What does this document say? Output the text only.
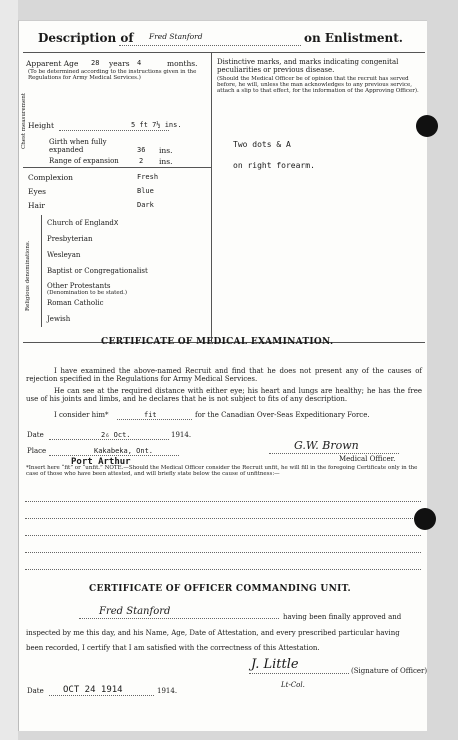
Description of Fred Stanford	on Enlistment.
Apparent Age 28 years 4	months.
(To be determined according to the instructions given in the Regulations for Army Medical Services.)
Height	5 ft 7½ ins.
Chest measurement	Girth when fully expanded	36 ins.
Range of expansion	2 ins.
Complexion	Fresh
Eyes	Blue
Hair	Dark
Religious denominations.
Church of England X
Presbyterian
Wesleyan
Baptist or Congregationalist
Other Protestants
(Denomination to be stated.)
Roman Catholic
Jewish
Distinctive marks, and marks indicating congenital peculiarities or previous disease.
(Should the Medical Officer be of opinion that the recruit has served before, he will, unless the man acknowledges to any previous service, attach a slip to that effect, for the information of the Approving Officer).
Two dots & A
on right forearm.
CERTIFICATE OF MEDICAL EXAMINATION.
I have examined the above-named Recruit and find that he does not present any of the causes of rejection specified in the Regulations for Army Medical Services.
He can see at the required distance with either eye; his heart and lungs are healthy; he has the free use of his joints and limbs, and he declares that he is not subject to fits of any description.
I consider him*	fit	for the Canadian Over-Seas Expeditionary Force.
Date	2₆ Oct.	1914.
Place	Kakabeka, Ont.	G.W. Brown
Medical Officer.
Port Arthur
*Insert here “fit” or “unfit.” NOTE.—Should the Medical Officer consider the Recruit unfit, he will fill in the foregoing Certificate only in the case of those who have been attested, and will briefly state below the cause of unfitness:—
CERTIFICATE OF OFFICER COMMANDING UNIT.
Fred Stanford	having been finally approved and
inspected by me this day, and his Name, Age, Date of Attestation, and every prescribed particular having
been recorded, I certify that I am satisfied with the correctness of this Attestation.
J. Little	(Signature of Officer)
Lt-Col.
Date OCT 24 1914	1914.
